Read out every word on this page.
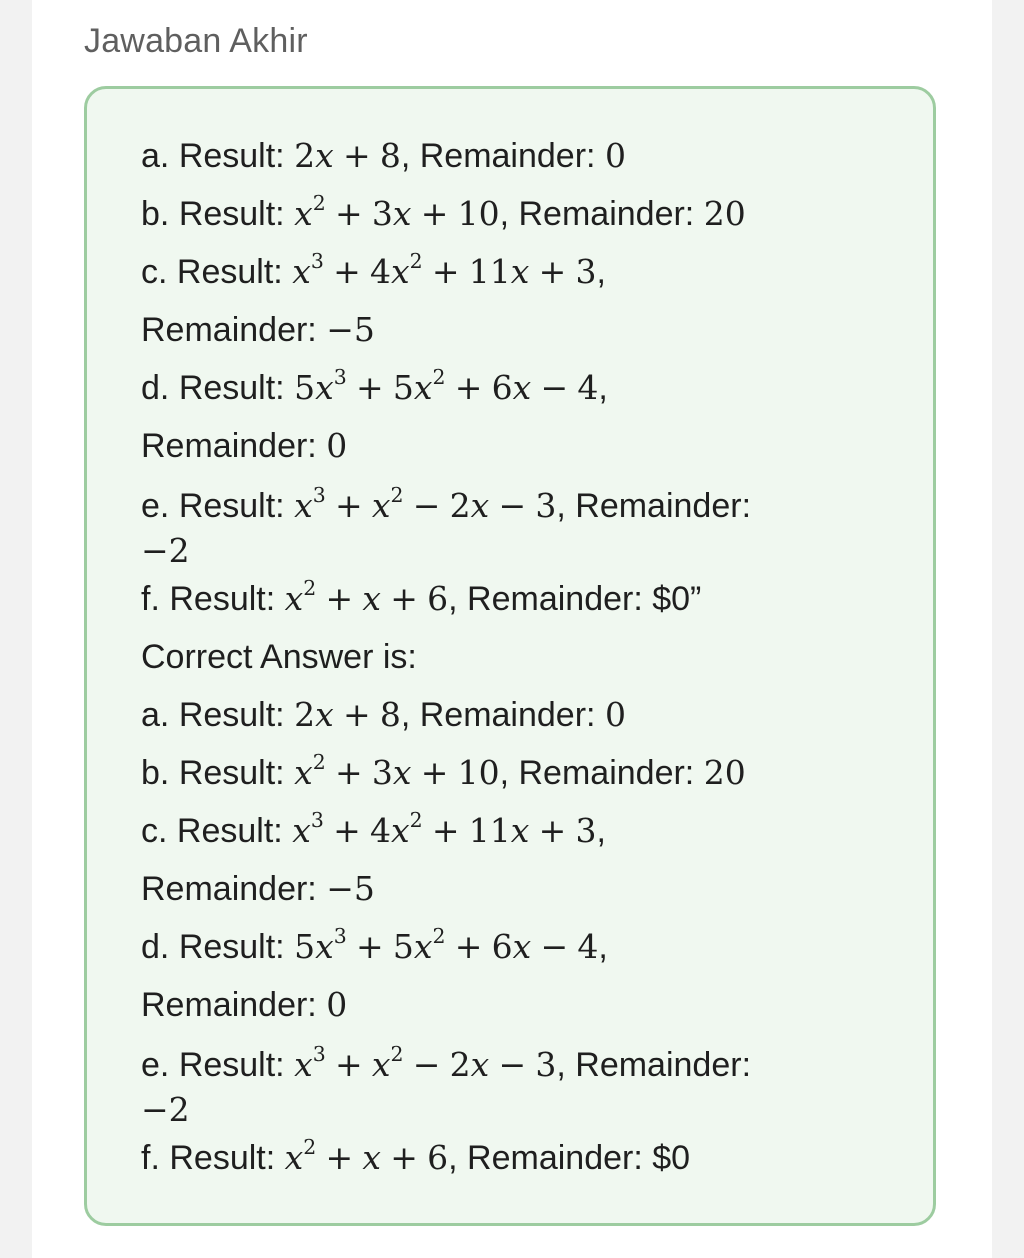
Jawaban Akhir
a. Result: 2x + 8, Remainder: 0
b. Result: $x^2 + 3x + 10$, Remainder: 20
c. Result: $x^3 + 4x^2 + 11x + 3$,
Remainder: −5
d. Result: $5x^3 + 5x^2 + 6x - 4$,
Remainder: 0
e. Result: $x^3 + x^2 - 2x - 3$, Remainder:
−2
f. Result: $x^2 + x + 6$, Remainder: $0”
Correct Answer is:
a. Result: 2x + 8, Remainder: 0
b. Result: $x^2 + 3x + 10$, Remainder: 20
c. Result: $x^3 + 4x^2 + 11x + 3$,
Remainder: −5
d. Result: $5x^3 + 5x^2 + 6x - 4$,
Remainder: 0
e. Result: $x^3 + x^2 - 2x - 3$, Remainder:
−2
f. Result: $x^2 + x + 6$, Remainder: $0
